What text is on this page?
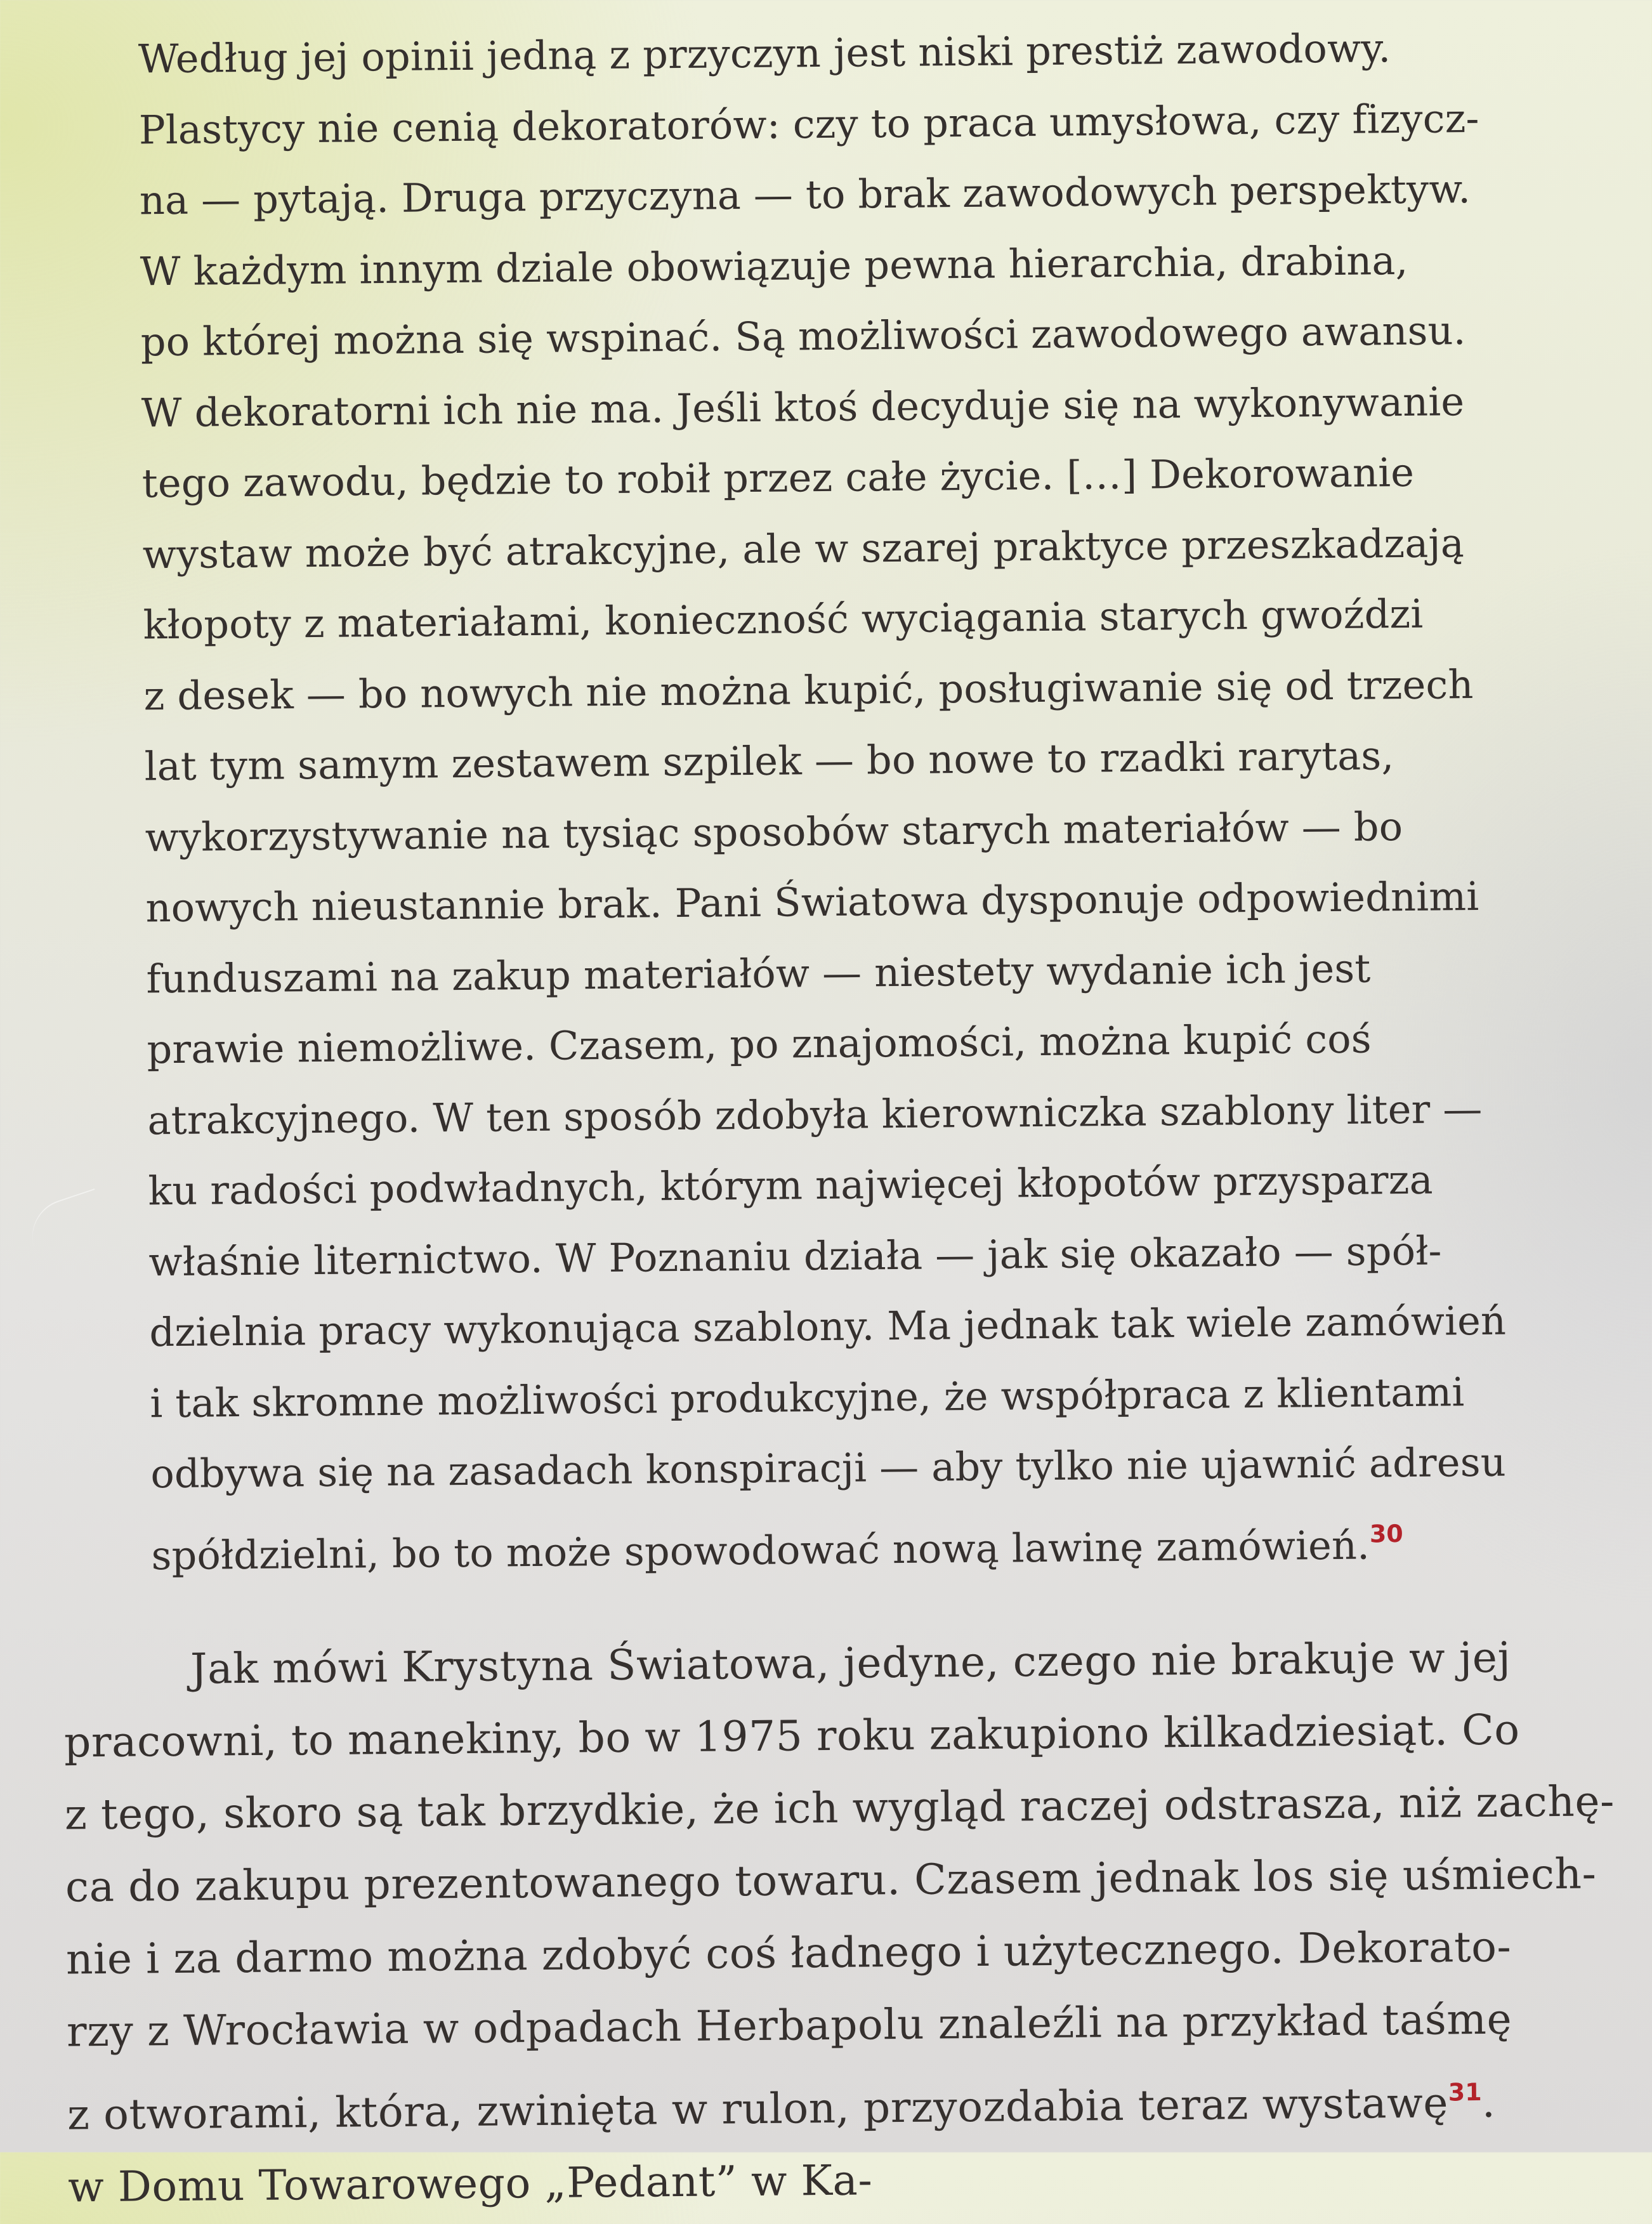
Według jej opinii jedną z przyczyn jest niski prestiż zawodowy.
Plastycy nie cenią dekoratorów: czy to praca umysłowa, czy fizycz-
na — pytają. Druga przyczyna — to brak zawodowych perspektyw.
W każdym innym dziale obowiązuje pewna hierarchia, drabina,
po której można się wspinać. Są możliwości zawodowego awansu.
W dekoratorni ich nie ma. Jeśli ktoś decyduje się na wykonywanie
tego zawodu, będzie to robił przez całe życie. […] Dekorowanie
wystaw może być atrakcyjne, ale w szarej praktyce przeszkadzają
kłopoty z materiałami, konieczność wyciągania starych gwoździ
z desek — bo nowych nie można kupić, posługiwanie się od trzech
lat tym samym zestawem szpilek — bo nowe to rzadki rarytas,
wykorzystywanie na tysiąc sposobów starych materiałów — bo
nowych nieustannie brak. Pani Światowa dysponuje odpowiednimi
funduszami na zakup materiałów — niestety wydanie ich jest
prawie niemożliwe. Czasem, po znajomości, można kupić coś
atrakcyjnego. W ten sposób zdobyła kierowniczka szablony liter —
ku radości podwładnych, którym najwięcej kłopotów przysparza
właśnie liternictwo. W Poznaniu działa — jak się okazało — spół-
dzielnia pracy wykonująca szablony. Ma jednak tak wiele zamówień
i tak skromne możliwości produkcyjne, że współpraca z klientami
odbywa się na zasadach konspiracji — aby tylko nie ujawnić adresu
spółdzielni, bo to może spowodować nową lawinę zamówień.$^{30}$
Jak mówi Krystyna Światowa, jedyne, czego nie brakuje w jej
pracowni, to manekiny, bo w 1975 roku zakupiono kilkadziesiąt. Co
z tego, skoro są tak brzydkie, że ich wygląd raczej odstrasza, niż zachę-
ca do zakupu prezentowanego towaru. Czasem jednak los się uśmiech-
nie i za darmo można zdobyć coś ładnego i użytecznego. Dekorato-
rzy z Wrocławia w odpadach Herbapolu znaleźli na przykład taśmę
z otworami, która, zwinięta w rulon, przyozdabia teraz wystawę$^{31}$.
w Domu Towarowego „Pedant” w Ka-
